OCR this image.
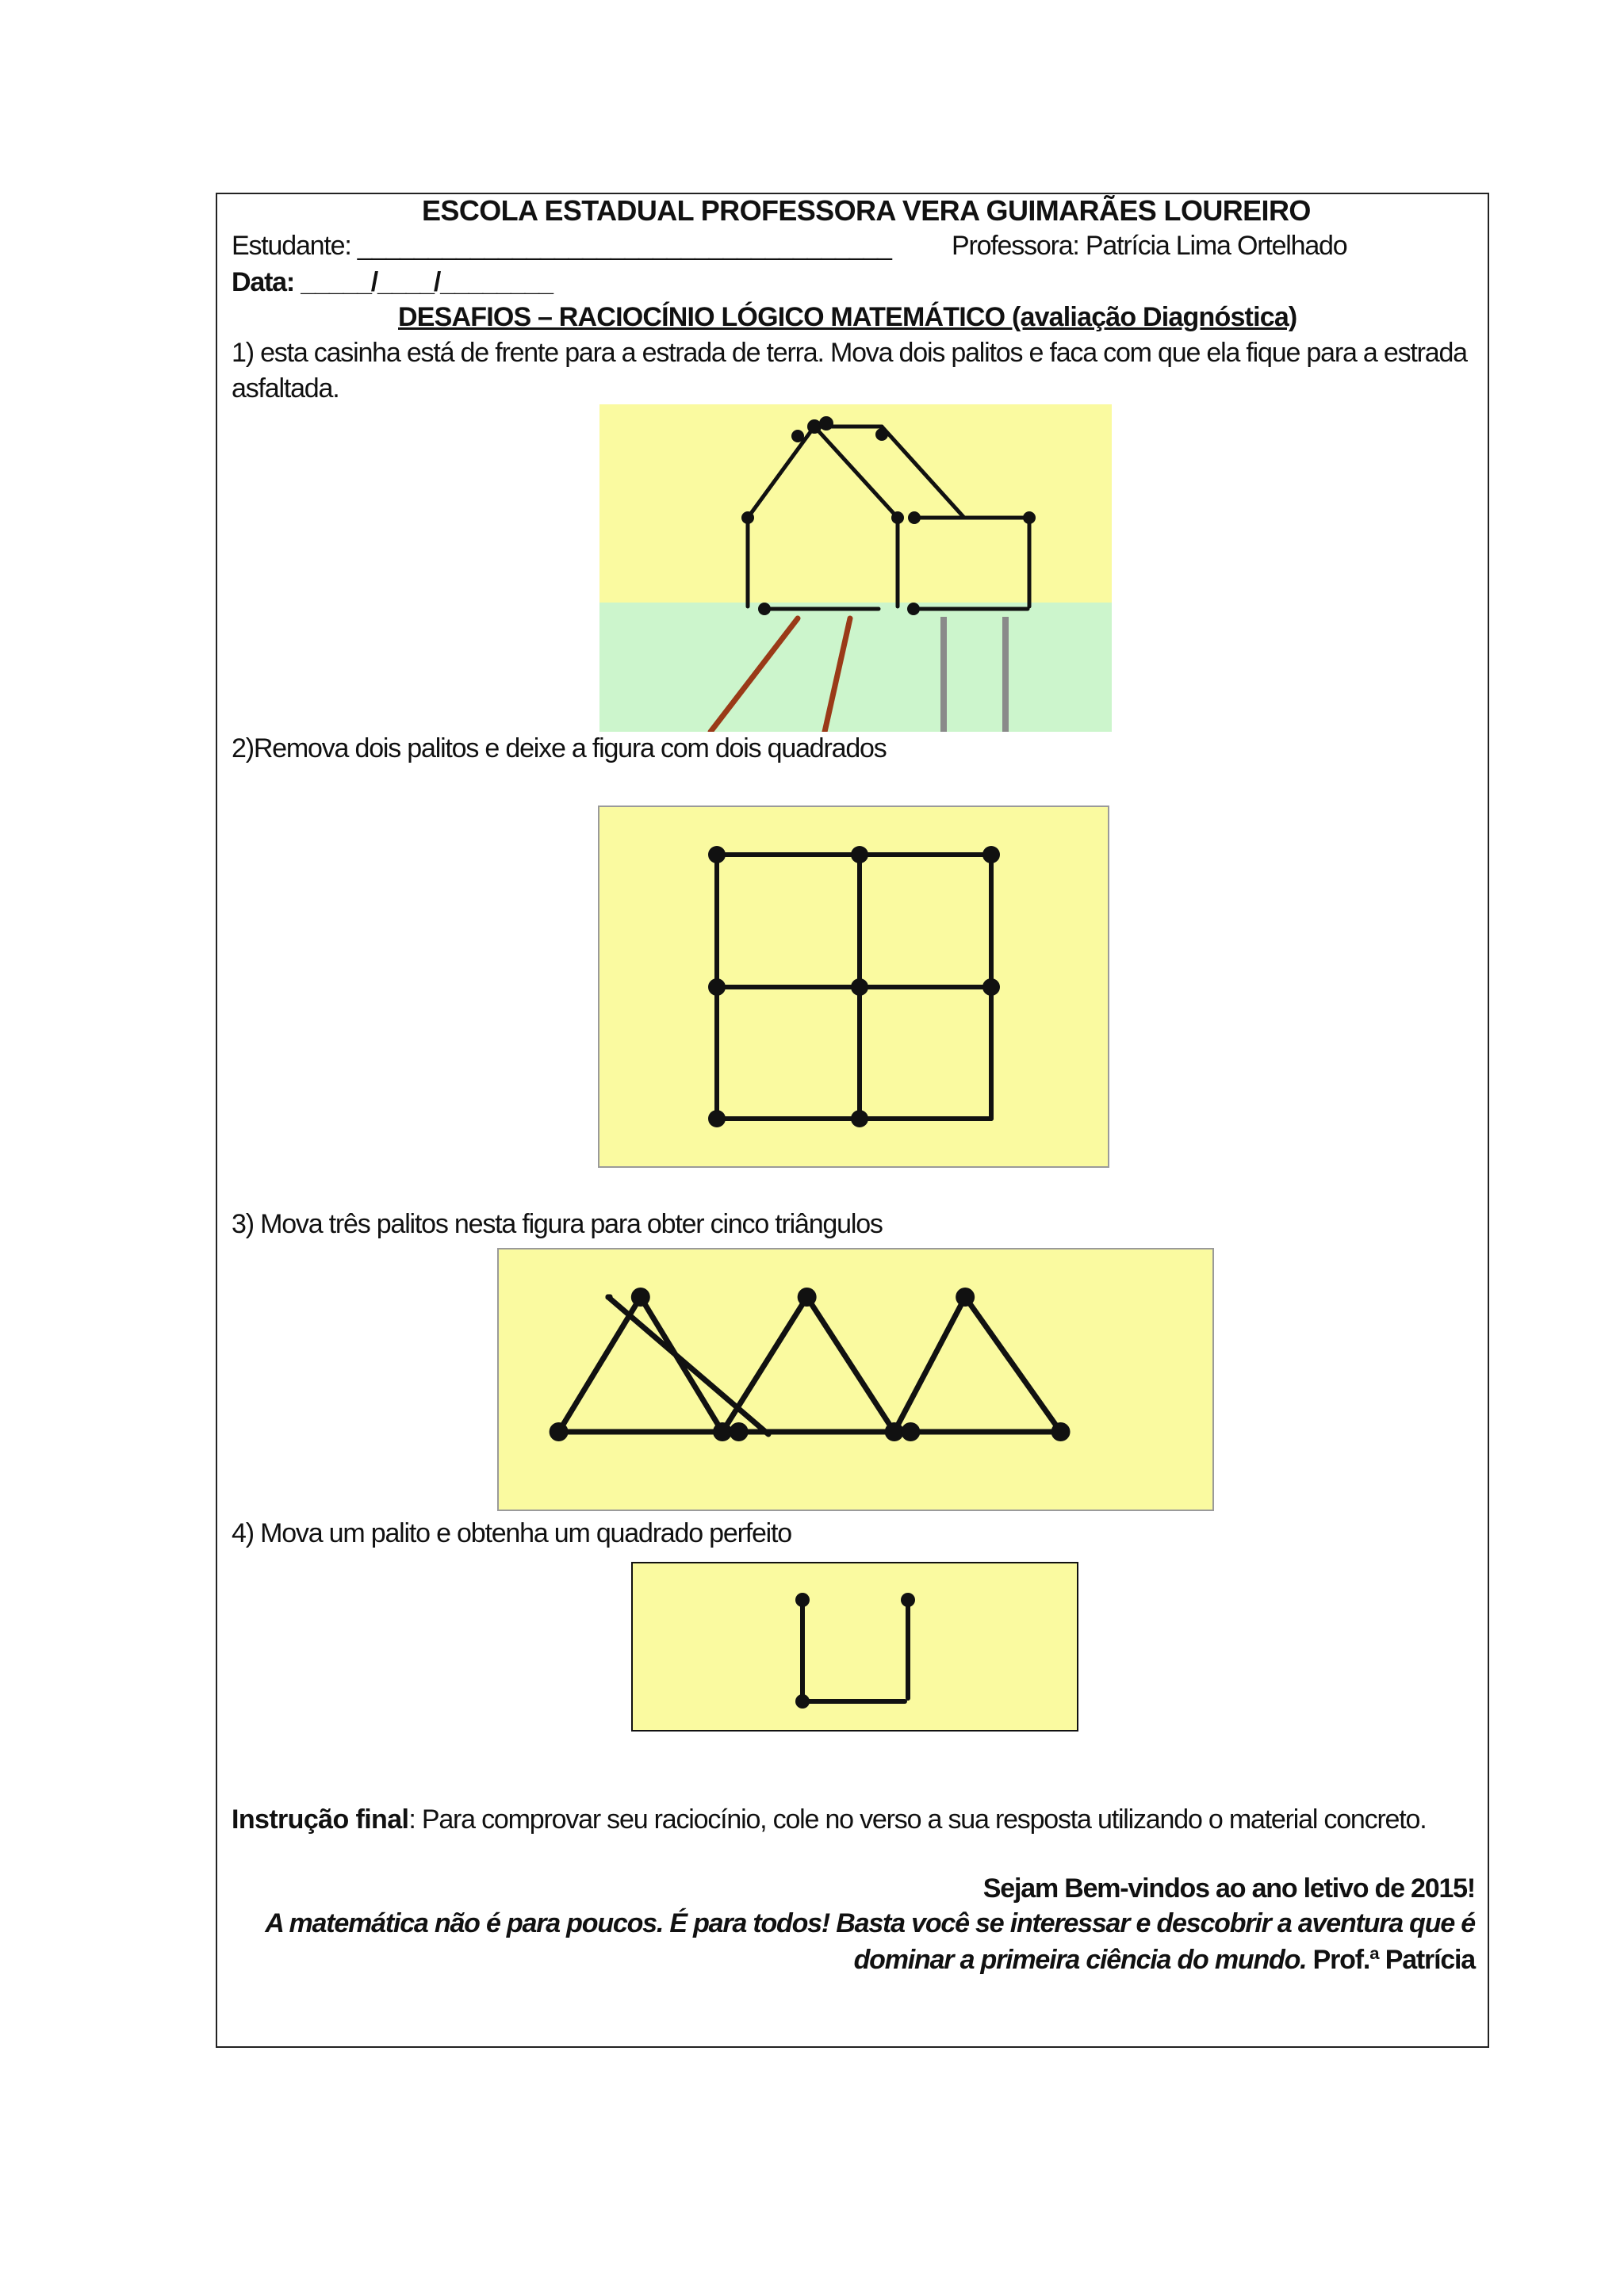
ESCOLA ESTADUAL PROFESSORA VERA GUIMARÃES LOUREIRO
Estudante: ______________________________________ Professora: Patrícia Lima Ortelhado
Data: _____/____/________
DESAFIOS – RACIOCÍNIO LÓGICO MATEMÁTICO (avaliação Diagnóstica)
1) esta casinha está de frente para a estrada de terra. Mova dois palitos e faca com que ela fique para a estrada
asfaltada.
2)Remova dois palitos e deixe a figura com dois quadrados
3) Mova três palitos nesta figura para obter cinco triângulos
4) Mova um palito e obtenha um quadrado perfeito
Instrução final: Para comprovar seu raciocínio, cole no verso a sua resposta utilizando o material concreto.
Sejam Bem-vindos ao ano letivo de 2015!
A matemática não é para poucos. É para todos! Basta você se interessar e descobrir a aventura que é
dominar a primeira ciência do mundo. Prof.ª Patrícia
